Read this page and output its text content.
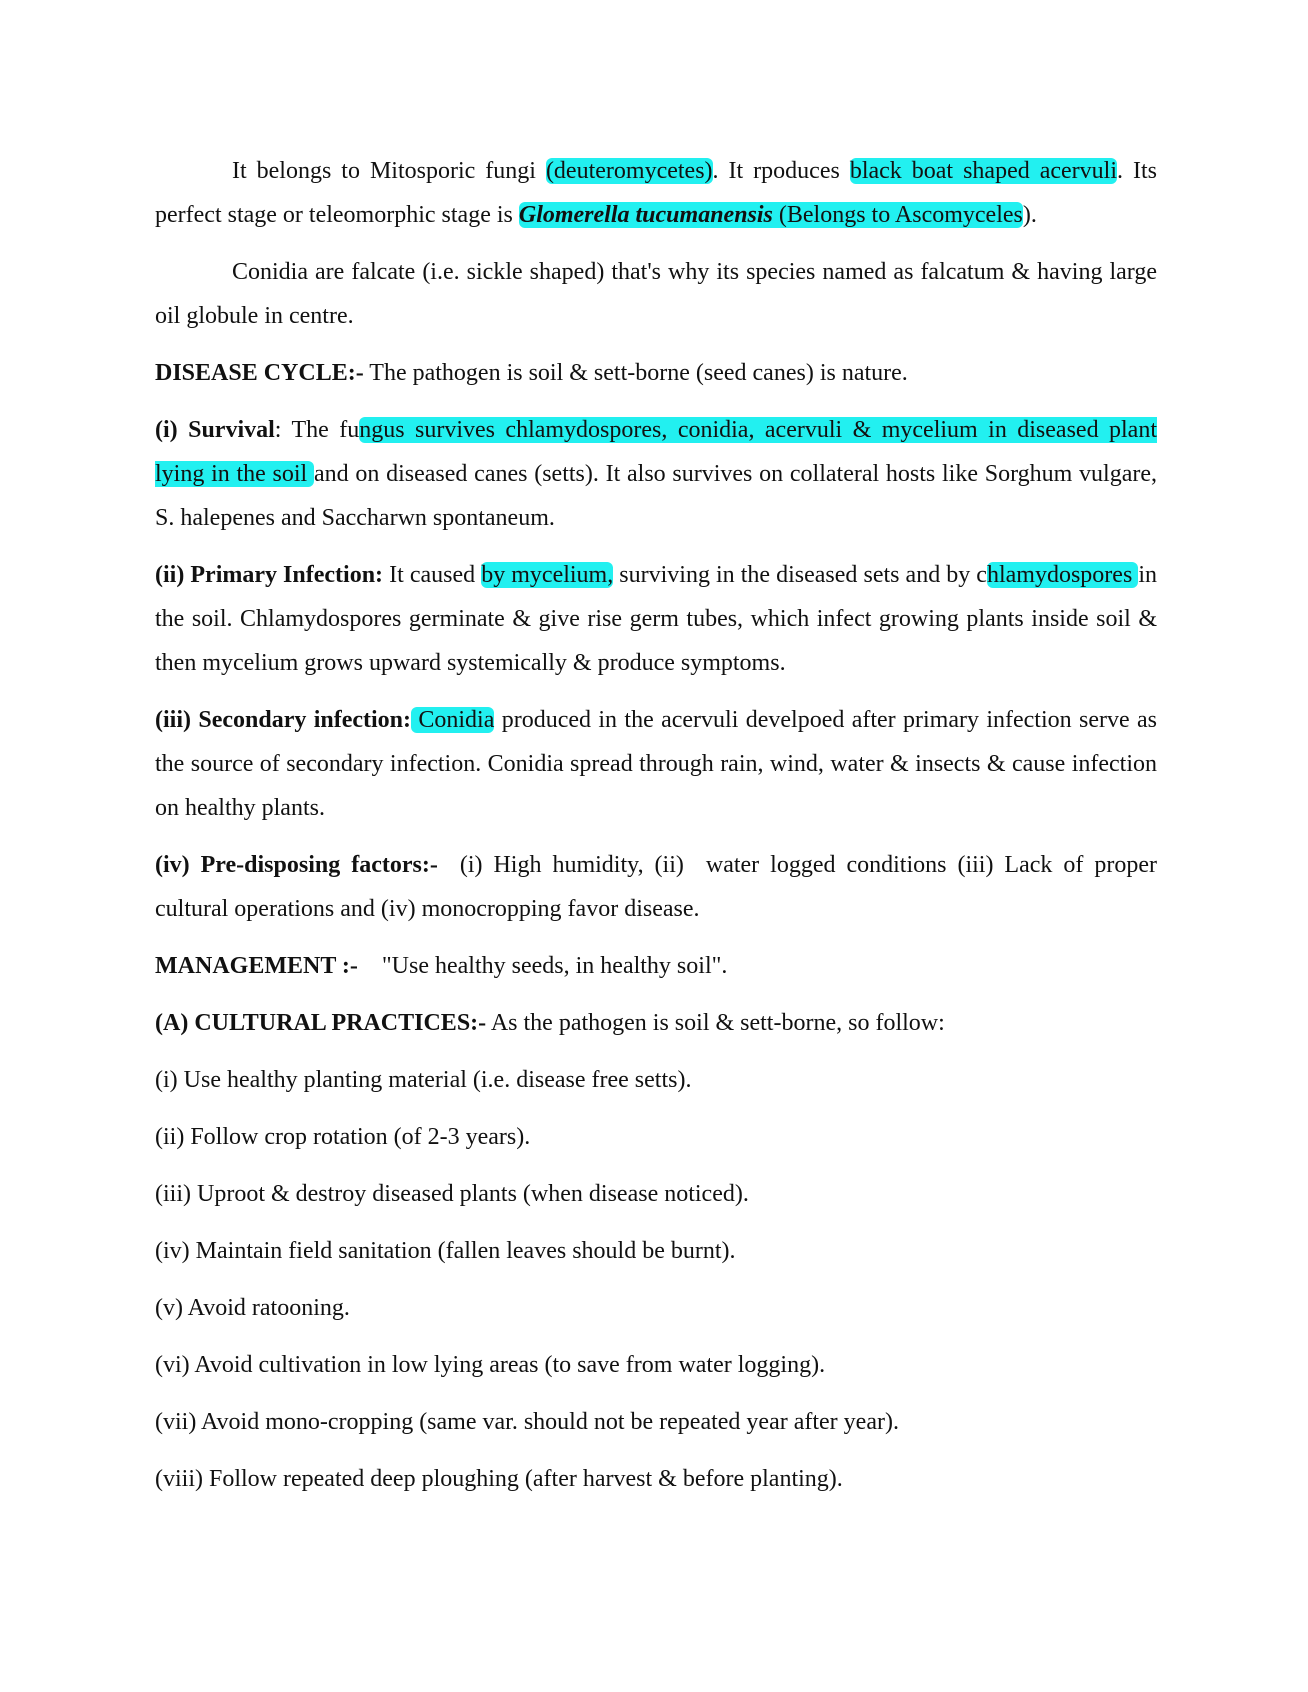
It belongs to Mitosporic fungi (deuteromycetes). It rpoduces black boat shaped acervuli. Its perfect stage or teleomorphic stage is Glomerella tucumanensis (Belongs to Ascomyceles).

Conidia are falcate (i.e. sickle shaped) that's why its species named as falcatum & having large oil globule in centre.

DISEASE CYCLE:- The pathogen is soil & sett-borne (seed canes) is nature.

(i) Survival: The fungus survives chlamydospores, conidia, acervuli & mycelium in diseased plant lying in the soil and on diseased canes (setts). It also survives on collateral hosts like Sorghum vulgare, S. halepenes and Saccharwn spontaneum.

(ii) Primary Infection: It caused by mycelium, surviving in the diseased sets and by chlamydospores in the soil. Chlamydospores germinate & give rise germ tubes, which infect growing plants inside soil & then mycelium grows upward systemically & produce symptoms.

(iii) Secondary infection: Conidia produced in the acervuli develpoed after primary infection serve as the source of secondary infection. Conidia spread through rain, wind, water & insects & cause infection on healthy plants.

(iv) Pre-disposing factors:-  (i) High humidity, (ii)  water logged conditions (iii) Lack of proper cultural operations and (iv) monocropping favor disease.

MANAGEMENT :-    "Use healthy seeds, in healthy soil".

(A) CULTURAL PRACTICES:- As the pathogen is soil & sett-borne, so follow:

(i) Use healthy planting material (i.e. disease free setts).

(ii) Follow crop rotation (of 2-3 years).

(iii) Uproot & destroy diseased plants (when disease noticed).

(iv) Maintain field sanitation (fallen leaves should be burnt).

(v) Avoid ratooning.

(vi) Avoid cultivation in low lying areas (to save from water logging).

(vii) Avoid mono-cropping (same var. should not be repeated year after year).

(viii) Follow repeated deep ploughing (after harvest & before planting).
